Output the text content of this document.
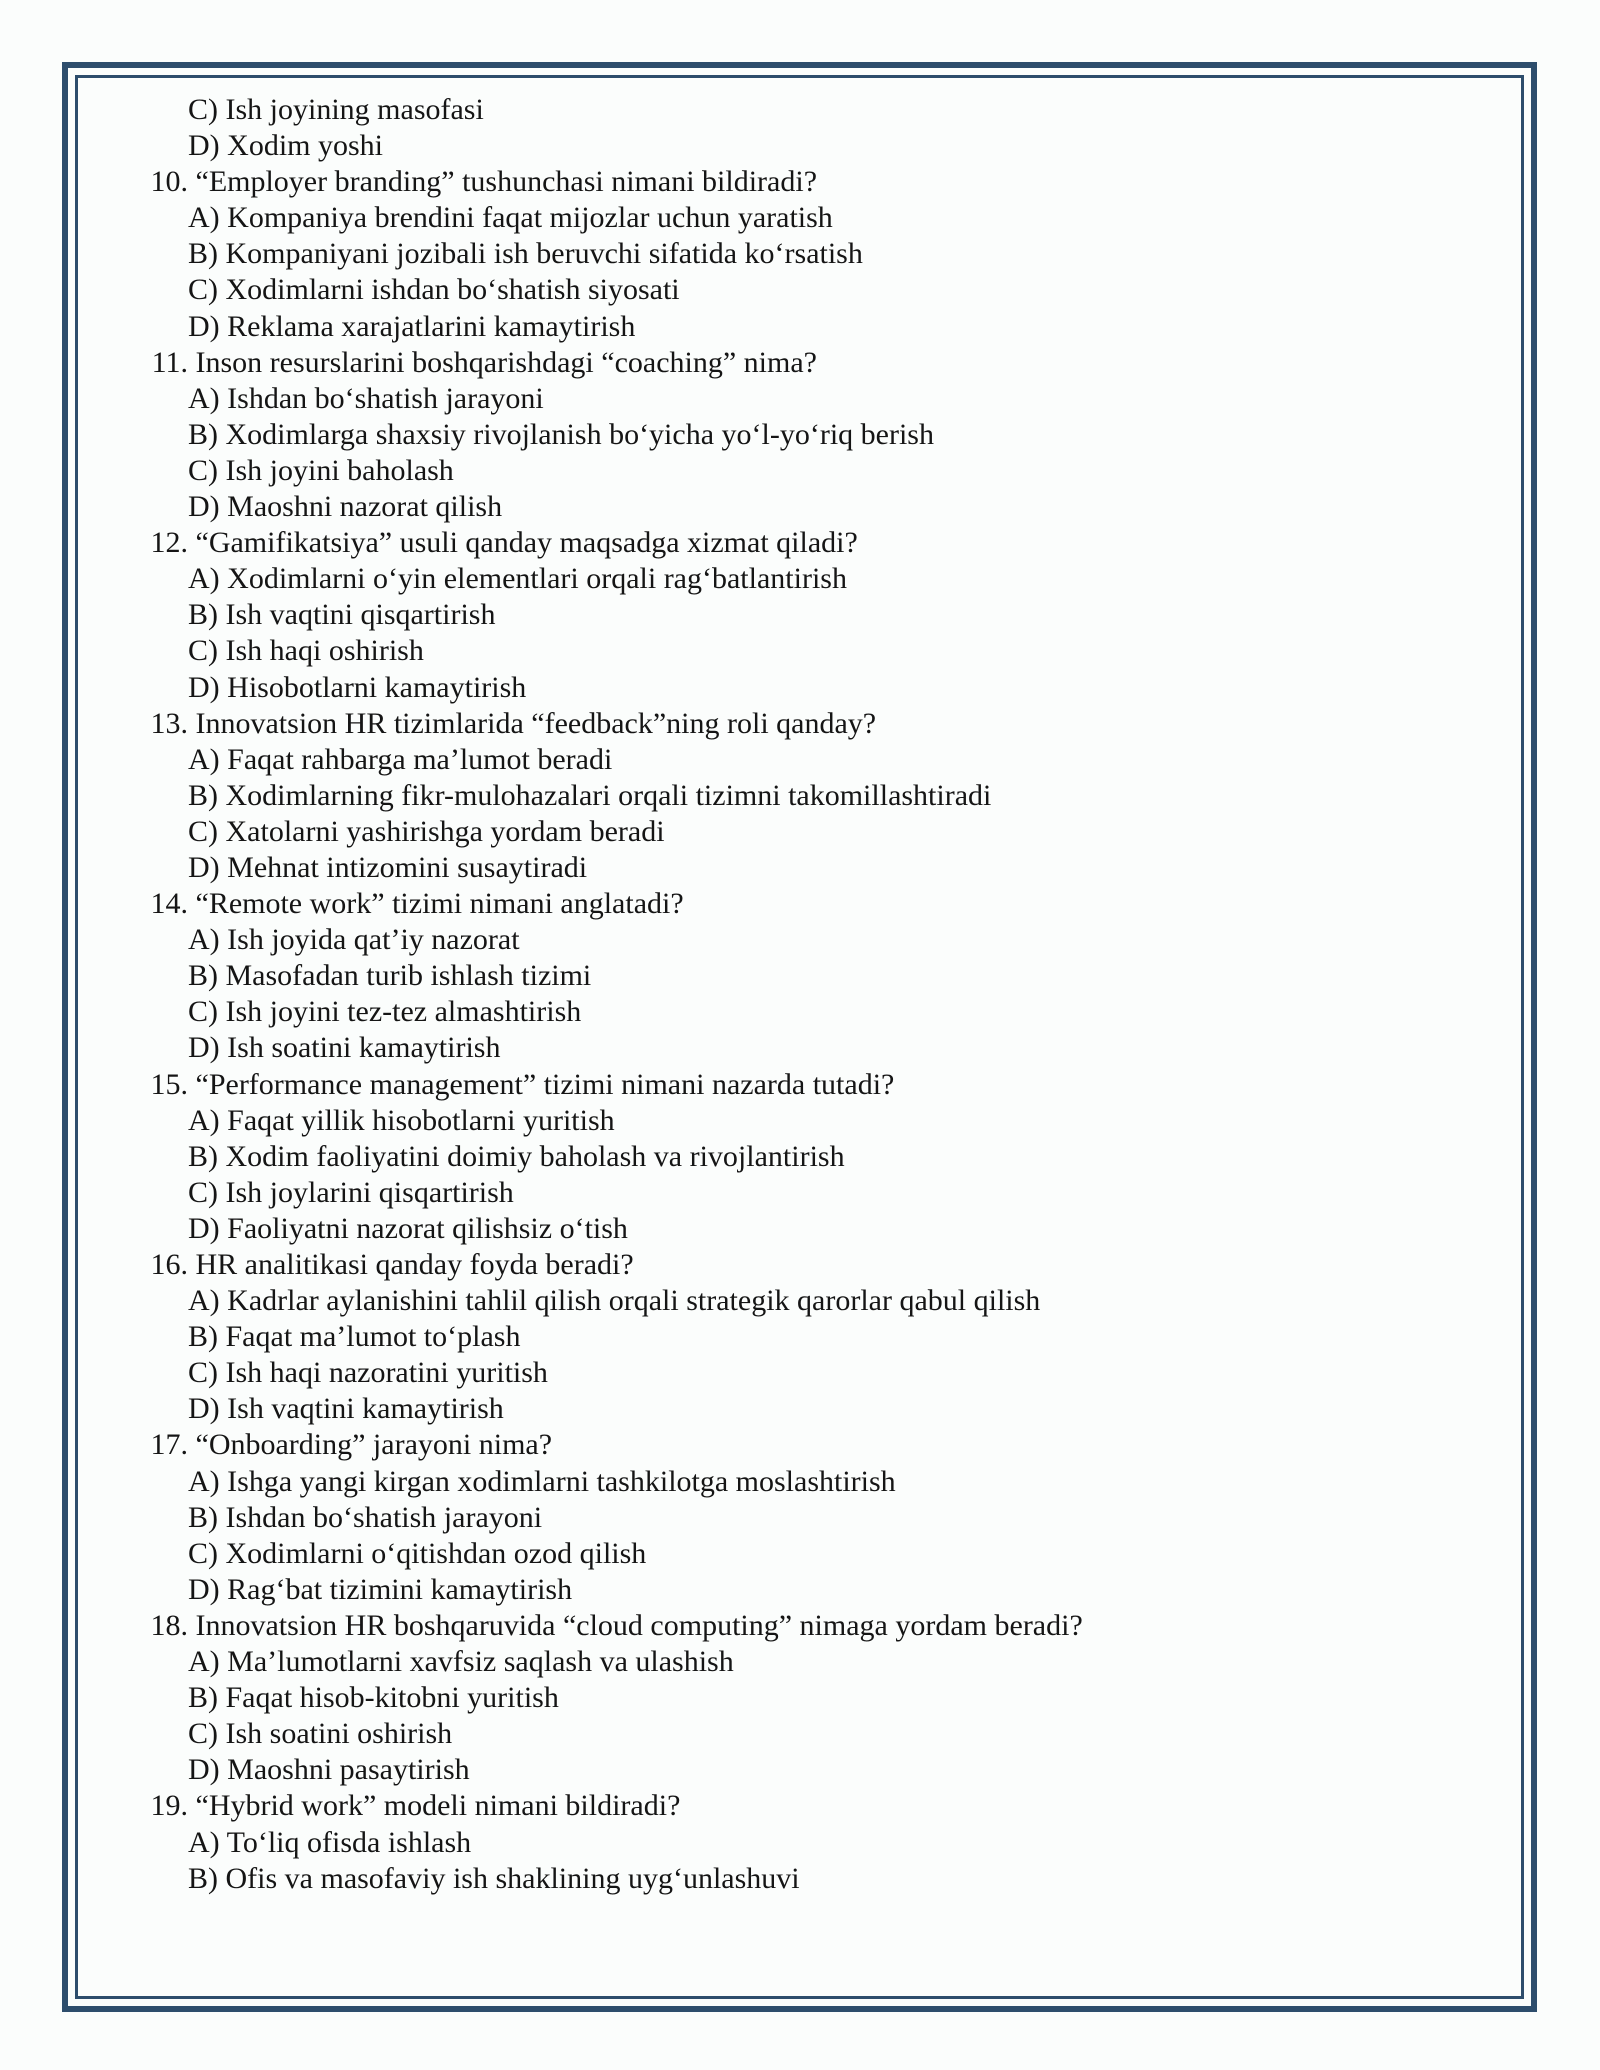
C) Ish joyining masofasi
D) Xodim yoshi
10. “Employer branding” tushunchasi nimani bildiradi?
A) Kompaniya brendini faqat mijozlar uchun yaratish
B) Kompaniyani jozibali ish beruvchi sifatida ko‘rsatish
C) Xodimlarni ishdan bo‘shatish siyosati
D) Reklama xarajatlarini kamaytirish
11. Inson resurslarini boshqarishdagi “coaching” nima?
A) Ishdan bo‘shatish jarayoni
B) Xodimlarga shaxsiy rivojlanish bo‘yicha yo‘l-yo‘riq berish
C) Ish joyini baholash
D) Maoshni nazorat qilish
12. “Gamifikatsiya” usuli qanday maqsadga xizmat qiladi?
A) Xodimlarni o‘yin elementlari orqali rag‘batlantirish
B) Ish vaqtini qisqartirish
C) Ish haqi oshirish
D) Hisobotlarni kamaytirish
13. Innovatsion HR tizimlarida “feedback”ning roli qanday?
A) Faqat rahbarga ma’lumot beradi
B) Xodimlarning fikr-mulohazalari orqali tizimni takomillashtiradi
C) Xatolarni yashirishga yordam beradi
D) Mehnat intizomini susaytiradi
14. “Remote work” tizimi nimani anglatadi?
A) Ish joyida qat’iy nazorat
B) Masofadan turib ishlash tizimi
C) Ish joyini tez-tez almashtirish
D) Ish soatini kamaytirish
15. “Performance management” tizimi nimani nazarda tutadi?
A) Faqat yillik hisobotlarni yuritish
B) Xodim faoliyatini doimiy baholash va rivojlantirish
C) Ish joylarini qisqartirish
D) Faoliyatni nazorat qilishsiz o‘tish
16. HR analitikasi qanday foyda beradi?
A) Kadrlar aylanishini tahlil qilish orqali strategik qarorlar qabul qilish
B) Faqat ma’lumot to‘plash
C) Ish haqi nazoratini yuritish
D) Ish vaqtini kamaytirish
17. “Onboarding” jarayoni nima?
A) Ishga yangi kirgan xodimlarni tashkilotga moslashtirish
B) Ishdan bo‘shatish jarayoni
C) Xodimlarni o‘qitishdan ozod qilish
D) Rag‘bat tizimini kamaytirish
18. Innovatsion HR boshqaruvida “cloud computing” nimaga yordam beradi?
A) Ma’lumotlarni xavfsiz saqlash va ulashish
B) Faqat hisob-kitobni yuritish
C) Ish soatini oshirish
D) Maoshni pasaytirish
19. “Hybrid work” modeli nimani bildiradi?
A) To‘liq ofisda ishlash
B) Ofis va masofaviy ish shaklining uyg‘unlashuvi
